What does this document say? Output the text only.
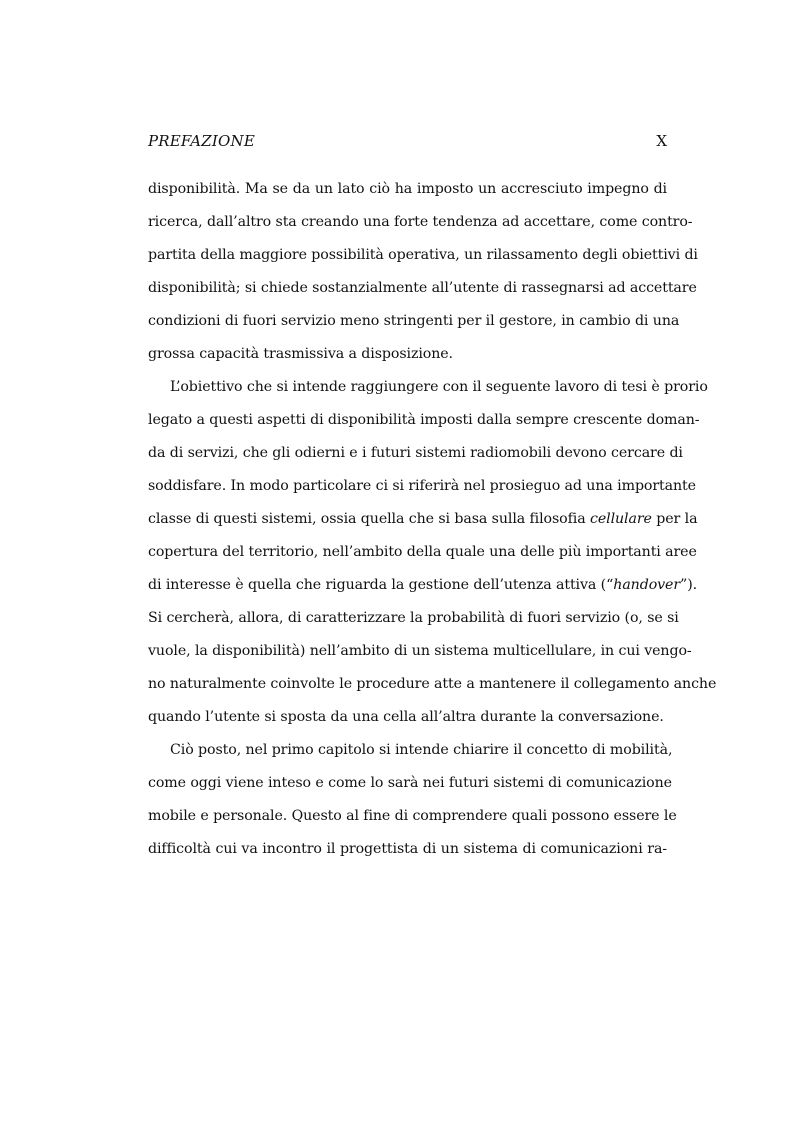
PREFAZIONE	X
disponibilità. Ma se da un lato ciò ha imposto un accresciuto impegno di
ricerca, dall’altro sta creando una forte tendenza ad accettare, come contro-
partita della maggiore possibilità operativa, un rilassamento degli obiettivi di
disponibilità; si chiede sostanzialmente all’utente di rassegnarsi ad accettare
condizioni di fuori servizio meno stringenti per il gestore, in cambio di una
grossa capacità trasmissiva a disposizione.
L’obiettivo che si intende raggiungere con il seguente lavoro di tesi è prorio
legato a questi aspetti di disponibilità imposti dalla sempre crescente doman-
da di servizi, che gli odierni e i futuri sistemi radiomobili devono cercare di
soddisfare. In modo particolare ci si riferirà nel prosieguo ad una importante
classe di questi sistemi, ossia quella che si basa sulla filosofia cellulare per la
copertura del territorio, nell’ambito della quale una delle più importanti aree
di interesse è quella che riguarda la gestione dell’utenza attiva (“handover”).
Si cercherà, allora, di caratterizzare la probabilità di fuori servizio (o, se si
vuole, la disponibilità) nell’ambito di un sistema multicellulare, in cui vengo-
no naturalmente coinvolte le procedure atte a mantenere il collegamento anche
quando l’utente si sposta da una cella all’altra durante la conversazione.
Ciò posto, nel primo capitolo si intende chiarire il concetto di mobilità,
come oggi viene inteso e come lo sarà nei futuri sistemi di comunicazione
mobile e personale. Questo al fine di comprendere quali possono essere le
difficoltà cui va incontro il progettista di un sistema di comunicazioni ra-
